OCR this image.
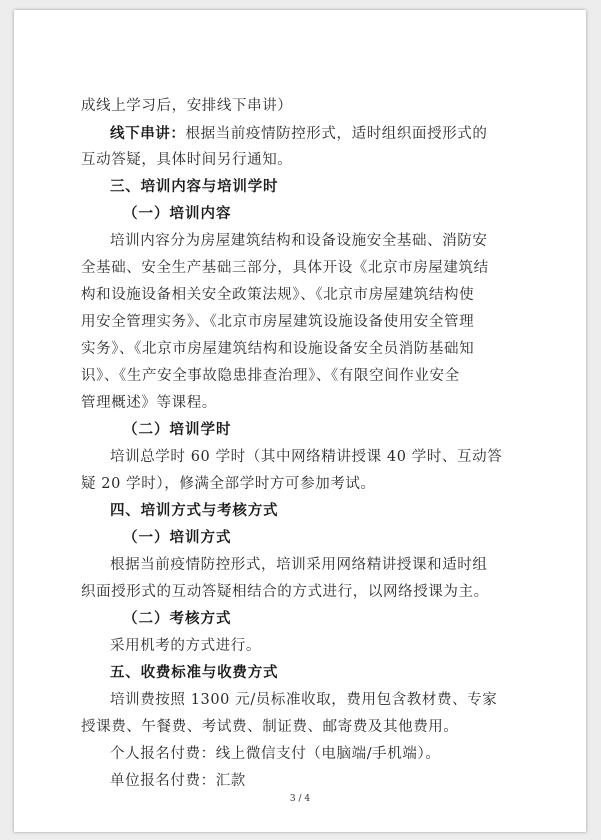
成线上学习后，安排线下串讲）
线下串讲：根据当前疫情防控形式，适时组织面授形式的
互动答疑，具体时间另行通知。
三、培训内容与培训学时
（一）培训内容
培训内容分为房屋建筑结构和设备设施安全基础、消防安
全基础、安全生产基础三部分，具体开设《北京市房屋建筑结
构和设施设备相关安全政策法规》、《北京市房屋建筑结构使
用安全管理实务》、《北京市房屋建筑设施设备使用安全管理
实务》、《北京市房屋建筑结构和设施设备安全员消防基础知
识》、《生产安全事故隐患排查治理》、《有限空间作业安全
管理概述》等课程。
（二）培训学时
培训总学时 60 学时（其中网络精讲授课 40 学时、互动答
疑 20 学时），修满全部学时方可参加考试。
四、培训方式与考核方式
（一）培训方式
根据当前疫情防控形式，培训采用网络精讲授课和适时组
织面授形式的互动答疑相结合的方式进行，以网络授课为主。
（二）考核方式
采用机考的方式进行。
五、收费标准与收费方式
培训费按照 1300 元/员标准收取，费用包含教材费、专家
授课费、午餐费、考试费、制证费、邮寄费及其他费用。
个人报名付费：线上微信支付（电脑端/手机端）。
单位报名付费：汇款
3 / 4
